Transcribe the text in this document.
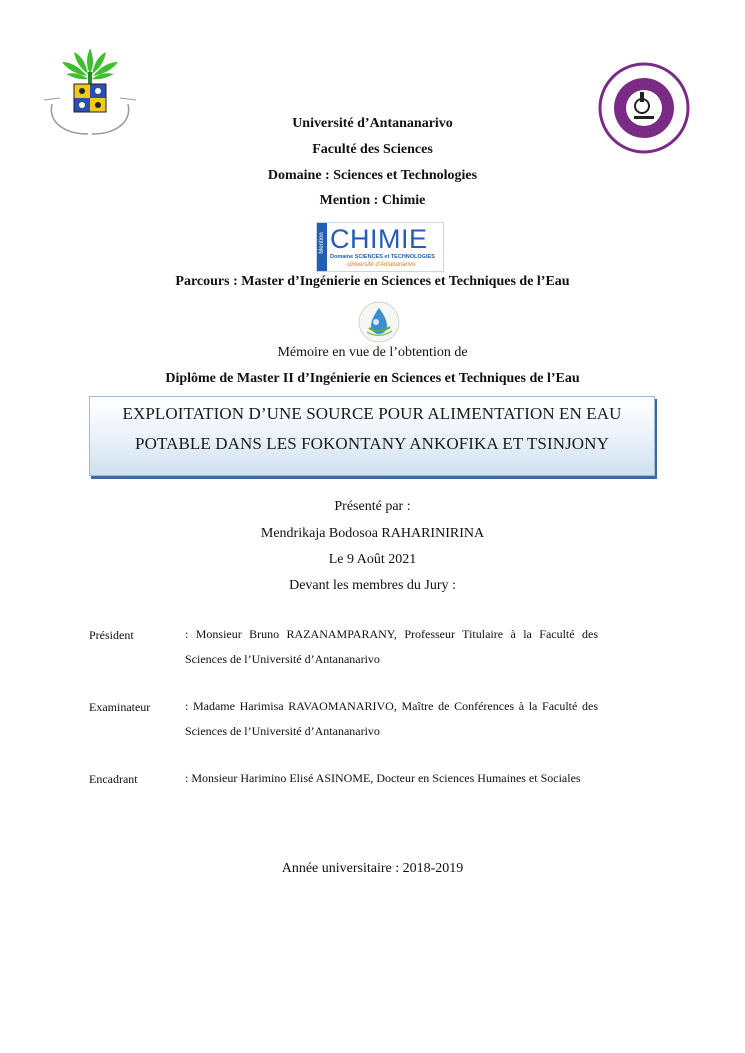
Université d’Antananarivo
Faculté des Sciences
Domaine : Sciences et Technologies
Mention : Chimie
Mention CHIMIE
Domaine SCIENCES et TECHNOLOGIES
Université d'Antananarivo
Parcours : Master d’Ingénierie en Sciences et Techniques de l’Eau
Mémoire en vue de l’obtention de
Diplôme de Master II d’Ingénierie en Sciences et Techniques de l’Eau
EXPLOITATION D’UNE SOURCE POUR ALIMENTATION EN EAU
POTABLE DANS LES FOKONTANY ANKOFIKA ET TSINJONY
Présenté par :
Mendrikaja Bodosoa RAHARINIRINA
Le 9 Août 2021
Devant les membres du Jury :
Président	: Monsieur Bruno RAZANAMPARANY, Professeur Titulaire à la Faculté des Sciences de l’Université d’Antananarivo
Examinateur	: Madame Harimisa RAVAOMANARIVO, Maître de Conférences à la Faculté des Sciences de l’Université d’Antananarivo
Encadrant	: Monsieur Harimino Elisé ASINOME, Docteur en Sciences Humaines et Sociales
Année universitaire : 2018-2019
